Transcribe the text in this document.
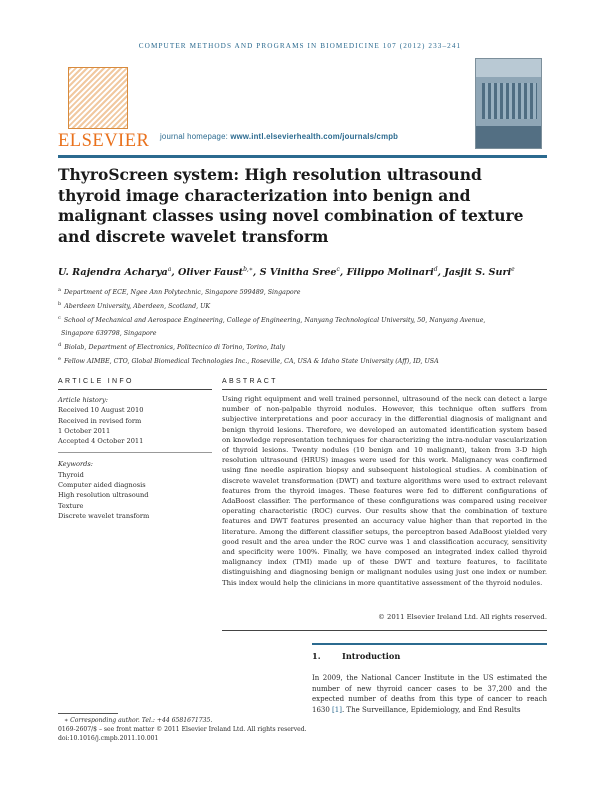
COMPUTER METHODS AND PROGRAMS IN BIOMEDICINE 107 (2012) 233–241
ELSEVIER journal homepage: www.intl.elsevierhealth.com/journals/cmpb
ThyroScreen system: High resolution ultrasound thyroid image characterization into benign and malignant classes using novel combination of texture and discrete wavelet transform
U. Rajendra Acharya$^a$, Oliver Faust$^{b,∗}$, S Vinitha Sree$^c$, Filippo Molinari$^d$, Jasjit S. Suri$^e$
$^a$ Department of ECE, Ngee Ann Polytechnic, Singapore 599489, Singapore
$^b$ Aberdeen University, Aberdeen, Scotland, UK
$^c$ School of Mechanical and Aerospace Engineering, College of Engineering, Nanyang Technological University, 50, Nanyang Avenue,
Singapore 639798, Singapore
$^d$ Biolab, Department of Electronics, Politecnico di Torino, Torino, Italy
$^e$ Fellow AIMBE, CTO, Global Biomedical Technologies Inc., Roseville, CA, USA & Idaho State University (Aff), ID, USA
ARTICLE INFO	ABSTRACT
Article history:
Received 10 August 2010
Received in revised form
1 October 2011
Accepted 4 October 2011
Keywords:
Thyroid
Computer aided diagnosis
High resolution ultrasound
Texture
Discrete wavelet transform

Using right equipment and well trained personnel, ultrasound of the neck can detect a large number of non-palpable thyroid nodules. However, this technique often suffers from subjective interpretations and poor accuracy in the differential diagnosis of malignant and benign thyroid lesions. Therefore, we developed an automated identification system based on knowledge representation techniques for characterizing the intra-nodular vascularization of thyroid lesions. Twenty nodules (10 benign and 10 malignant), taken from 3-D high resolution ultrasound (HRUS) images were used for this work. Malignancy was confirmed using fine needle aspiration biopsy and subsequent histological studies. A combination of discrete wavelet transformation (DWT) and texture algorithms were used to extract relevant features from the thyroid images. These features were fed to different configurations of AdaBoost classifier. The performance of these configurations was compared using receiver operating characteristic (ROC) curves. Our results show that the combination of texture features and DWT features presented an accuracy value higher than that reported in the literature. Among the different classifier setups, the perceptron based AdaBoost yielded very good result and the area under the ROC curve was 1 and classification accuracy, sensitivity and specificity were 100%. Finally, we have composed an integrated index called thyroid malignancy index (TMI) made up of these DWT and texture features, to facilitate distinguishing and diagnosing benign or malignant nodules using just one index or number. This index would help the clinicians in more quantitative assessment of the thyroid nodules.

© 2011 Elsevier Ireland Ltd. All rights reserved.
1.	Introduction

In 2009, the National Cancer Institute in the US estimated the number of new thyroid cancer cases to be 37,200 and the expected number of deaths from this type of cancer to reach 1630 [1]. The Surveillance, Epidemiology, and End Results

∗ Corresponding author. Tel.: +44 6581671735.
0169-2607/$ – see front matter © 2011 Elsevier Ireland Ltd. All rights reserved.
doi:10.1016/j.cmpb.2011.10.001
